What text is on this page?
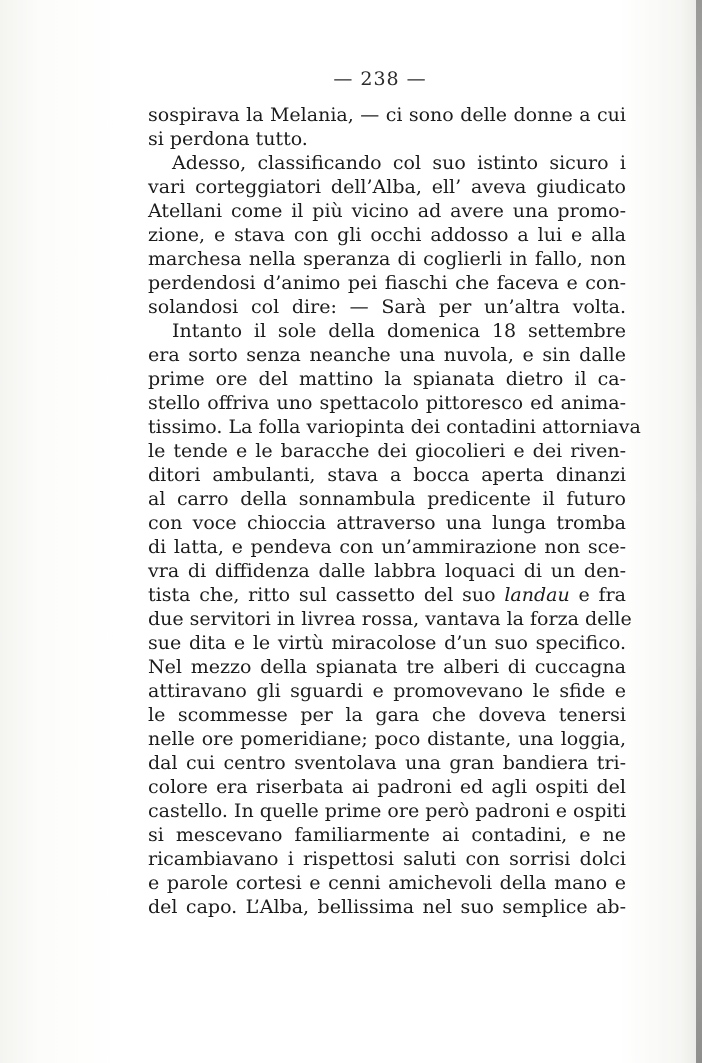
— 238 —
sospirava la Melania, — ci sono delle donne a cui
si perdona tutto.
Adesso, classificando col suo istinto sicuro i
vari corteggiatori dell’Alba, ell’ aveva giudicato
Atellani come il più vicino ad avere una promo-
zione, e stava con gli occhi addosso a lui e alla
marchesa nella speranza di coglierli in fallo, non
perdendosi d’animo pei fiaschi che faceva e con-
solandosi col dire: — Sarà per un’altra volta.
Intanto il sole della domenica 18 settembre
era sorto senza neanche una nuvola, e sin dalle
prime ore del mattino la spianata dietro il ca-
stello offriva uno spettacolo pittoresco ed anima-
tissimo. La folla variopinta dei contadini attorniava
le tende e le baracche dei giocolieri e dei riven-
ditori ambulanti, stava a bocca aperta dinanzi
al carro della sonnambula predicente il futuro
con voce chioccia attraverso una lunga tromba
di latta, e pendeva con un’ammirazione non sce-
vra di diffidenza dalle labbra loquaci di un den-
tista che, ritto sul cassetto del suo landau e fra
due servitori in livrea rossa, vantava la forza delle
sue dita e le virtù miracolose d’un suo specifico.
Nel mezzo della spianata tre alberi di cuccagna
attiravano gli sguardi e promovevano le sfide e
le scommesse per la gara che doveva tenersi
nelle ore pomeridiane; poco distante, una loggia,
dal cui centro sventolava una gran bandiera tri-
colore era riserbata ai padroni ed agli ospiti del
castello. In quelle prime ore però padroni e ospiti
si mescevano familiarmente ai contadini, e ne
ricambiavano i rispettosi saluti con sorrisi dolci
e parole cortesi e cenni amichevoli della mano e
del capo. L’Alba, bellissima nel suo semplice ab-
